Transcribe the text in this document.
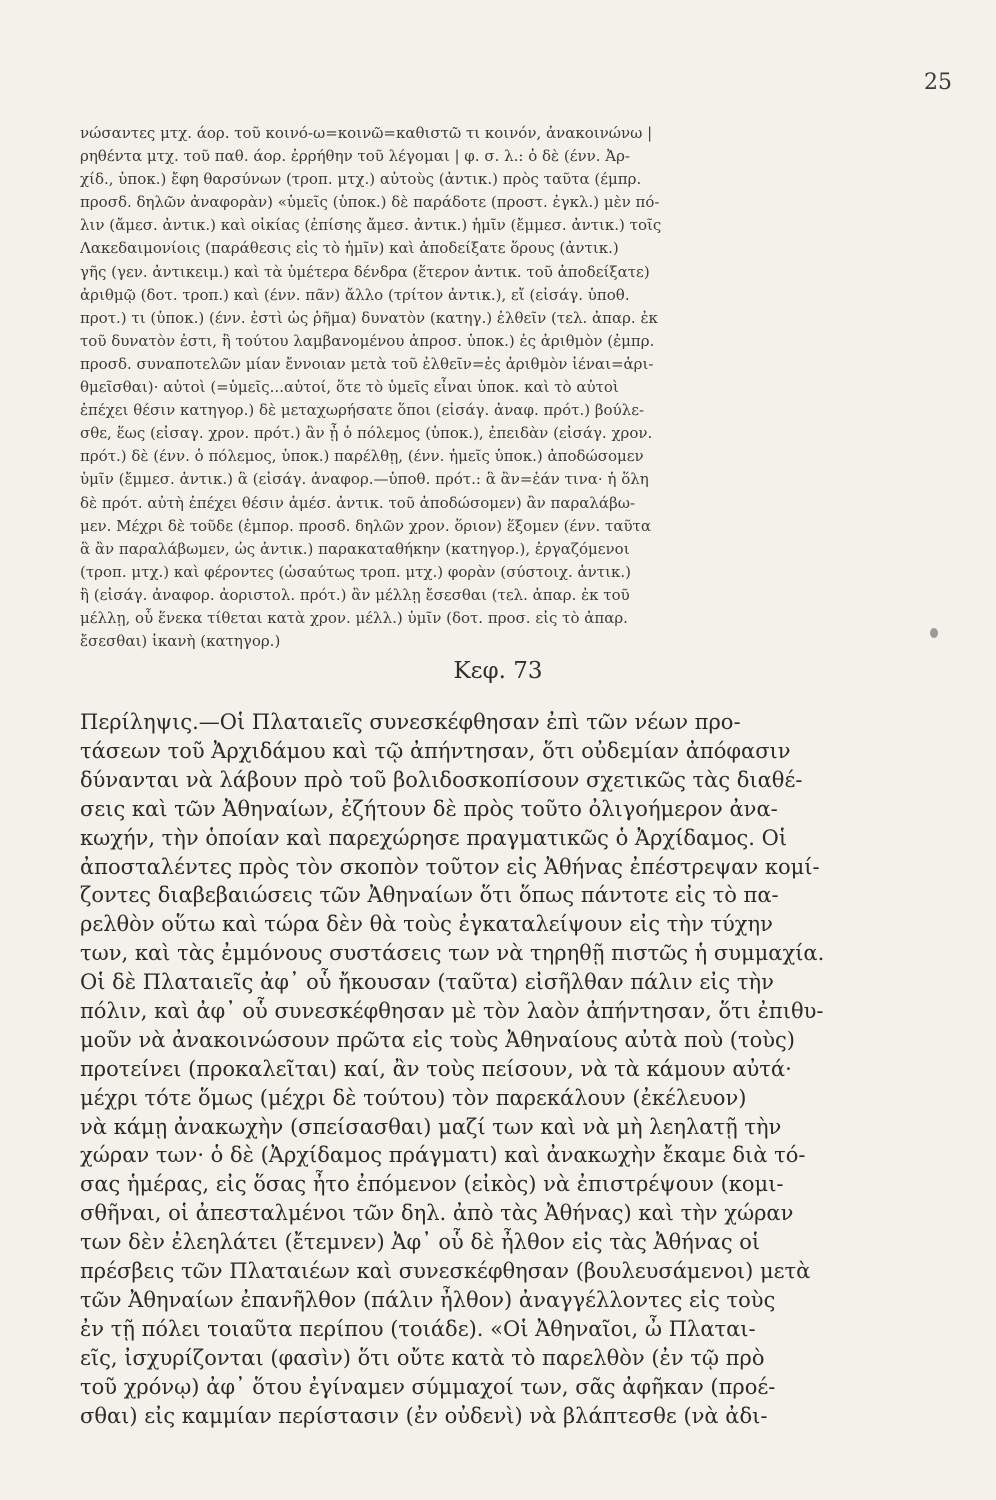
25
νώσαντες μτχ. άορ. τοῦ κοινό-ω=κοινῶ=καθιστῶ τι κοινόν, ἀνακοινώνω |
ρηθέντα μτχ. τοῦ παθ. άορ. ἐρρήθην τοῦ λέγομαι | φ. σ. λ.: ὁ δὲ (ένν. Ἀρ-
χίδ., ὑποκ.) ἔφη θαρσύνων (τροπ. μτχ.) αὐτοὺς (ἀντικ.) πρὸς ταῦτα (έμπρ.
προσδ. δηλῶν ἀναφορὰν) «ὑμεῖς (ὑποκ.) δὲ παράδοτε (προστ. ἐγκλ.) μὲν πό-
λιν (ἄμεσ. ἀντικ.) καὶ οἰκίας (ἐπίσης ἄμεσ. ἀντικ.) ἡμῖν (ἔμμεσ. ἀντικ.) τοῖς
Λακεδαιμονίοις (παράθεσις εἰς τὸ ἡμῖν) καὶ ἀποδείξατε ὅρους (ἀντικ.)
γῆς (γεν. ἀντικειμ.) καὶ τὰ ὑμέτερα δένδρα (ἕτερον ἀντικ. τοῦ ἀποδείξατε)
ἀριθμῷ (δοτ. τροπ.) καὶ (ένν. πᾶν) ἄλλο (τρίτον ἀντικ.), εἴ (εἰσάγ. ὑποθ.
προτ.) τι (ὑποκ.) (ένν. ἐστὶ ὡς ῥῆμα) δυνατὸν (κατηγ.) ἐλθεῖν (τελ. ἀπαρ. ἐκ
τοῦ δυνατὸν ἐστι, ἢ τούτου λαμβανομένου ἀπροσ. ὑποκ.) ἐς ἀριθμὸν (ἐμπρ.
προσδ. συναποτελῶν μίαν ἔννοιαν μετὰ τοῦ ἐλθεῖν=ἐς ἀριθμὸν ἰέναι=ἀρι-
θμεῖσθαι)· αὐτοὶ (=ὑμεῖς...αὐτοί, ὅτε τὸ ὑμεῖς εἶναι ὑποκ. καὶ τὸ αὐτοὶ
ἐπέχει θέσιν κατηγορ.) δὲ μεταχωρήσατε ὅποι (εἰσάγ. ἀναφ. πρότ.) βούλε-
σθε, ἕως (εἰσαγ. χρον. πρότ.) ἂν ᾖ ὁ πόλεμος (ὑποκ.), ἐπειδὰν (εἰσάγ. χρον.
πρότ.) δὲ (ένν. ὁ πόλεμος, ὑποκ.) παρέλθῃ, (ένν. ἡμεῖς ὑποκ.) ἀποδώσομεν
ὑμῖν (ἔμμεσ. ἀντικ.) ἃ (εἰσάγ. ἀναφορ.—ὑποθ. πρότ.: ἃ ἂν=ἐάν τινα· ἡ ὅλη
δὲ πρότ. αὐτὴ ἐπέχει θέσιν ἀμέσ. ἀντικ. τοῦ ἀποδώσομεν) ἂν παραλάβω-
μεν. Μέχρι δὲ τοῦδε (ἐμπορ. προσδ. δηλῶν χρον. ὅριον) ἕξομεν (ένν. ταῦτα
ἃ ἂν παραλάβωμεν, ὡς ἀντικ.) παρακαταθήκην (κατηγορ.), ἐργαζόμενοι
(τροπ. μτχ.) καὶ φέροντες (ὡσαύτως τροπ. μτχ.) φορὰν (σύστοιχ. ἀντικ.)
ἣ (εἰσάγ. ἀναφορ. ἀοριστολ. πρότ.) ἂν μέλλῃ ἔσεσθαι (τελ. ἀπαρ. ἐκ τοῦ
μέλλῃ, οὗ ἕνεκα τίθεται κατὰ χρον. μέλλ.) ὑμῖν (δοτ. προσ. εἰς τὸ ἀπαρ.
ἔσεσθαι) ἱκανὴ (κατηγορ.)
Κεφ. 73
Περίληψις.—Οἱ Πλαταιεῖς συνεσκέφθησαν ἐπὶ τῶν νέων προ-
τάσεων τοῦ Ἀρχιδάμου καὶ τῷ ἀπήντησαν, ὅτι οὐδεμίαν ἀπόφασιν
δύνανται νὰ λάβουν πρὸ τοῦ βολιδοσκοπίσουν σχετικῶς τὰς διαθέ-
σεις καὶ τῶν Ἀθηναίων, ἐζήτουν δὲ πρὸς τοῦτο ὀλιγοήμερον ἀνα-
κωχήν, τὴν ὁποίαν καὶ παρεχώρησε πραγματικῶς ὁ Ἀρχίδαμος. Οἱ
ἀποσταλέντες πρὸς τὸν σκοπὸν τοῦτον εἰς Ἀθήνας ἐπέστρεψαν κομί-
ζοντες διαβεβαιώσεις τῶν Ἀθηναίων ὅτι ὅπως πάντοτε εἰς τὸ πα-
ρελθὸν οὕτω καὶ τώρα δὲν θὰ τοὺς ἐγκαταλείψουν εἰς τὴν τύχην
των, καὶ τὰς ἐμμόνους συστάσεις των νὰ τηρηθῇ πιστῶς ἡ συμμαχία.
Οἱ δὲ Πλαταιεῖς ἀφ᾽ οὗ ἤκουσαν (ταῦτα) εἰσῆλθαν πάλιν εἰς τὴν
πόλιν, καὶ ἀφ᾽ οὗ συνεσκέφθησαν μὲ τὸν λαὸν ἀπήντησαν, ὅτι ἐπιθυ-
μοῦν νὰ ἀνακοινώσουν πρῶτα εἰς τοὺς Ἀθηναίους αὐτὰ ποὺ (τοὺς)
προτείνει (προκαλεῖται) καί, ἂν τοὺς πείσουν, νὰ τὰ κάμουν αὐτά·
μέχρι τότε ὅμως (μέχρι δὲ τούτου) τὸν παρεκάλουν (ἐκέλευον)
νὰ κάμῃ ἀνακωχὴν (σπείσασθαι) μαζί των καὶ νὰ μὴ λεηλατῇ τὴν
χώραν των· ὁ δὲ (Ἀρχίδαμος πράγματι) καὶ ἀνακωχὴν ἔκαμε διὰ τό-
σας ἡμέρας, εἰς ὅσας ἦτο ἐπόμενον (εἰκὸς) νὰ ἐπιστρέψουν (κομι-
σθῆναι, οἱ ἀπεσταλμένοι τῶν δηλ. ἀπὸ τὰς Ἀθήνας) καὶ τὴν χώραν
των δὲν ἐλεηλάτει (ἔτεμνεν) Ἀφ᾽ οὗ δὲ ἦλθον εἰς τὰς Ἀθήνας οἱ
πρέσβεις τῶν Πλαταιέων καὶ συνεσκέφθησαν (βουλευσάμενοι) μετὰ
τῶν Ἀθηναίων ἐπανῆλθον (πάλιν ἦλθον) ἀναγγέλλοντες εἰς τοὺς
ἐν τῇ πόλει τοιαῦτα περίπου (τοιάδε). «Οἱ Ἀθηναῖοι, ὦ Πλαται-
εῖς, ἰσχυρίζονται (φασὶν) ὅτι οὔτε κατὰ τὸ παρελθὸν (ἐν τῷ πρὸ
τοῦ χρόνῳ) ἀφ᾽ ὅτου ἐγίναμεν σύμμαχοί των, σᾶς ἀφῆκαν (προέ-
σθαι) εἰς καμμίαν περίστασιν (ἐν οὐδενὶ) νὰ βλάπτεσθε (νὰ ἀδι-
